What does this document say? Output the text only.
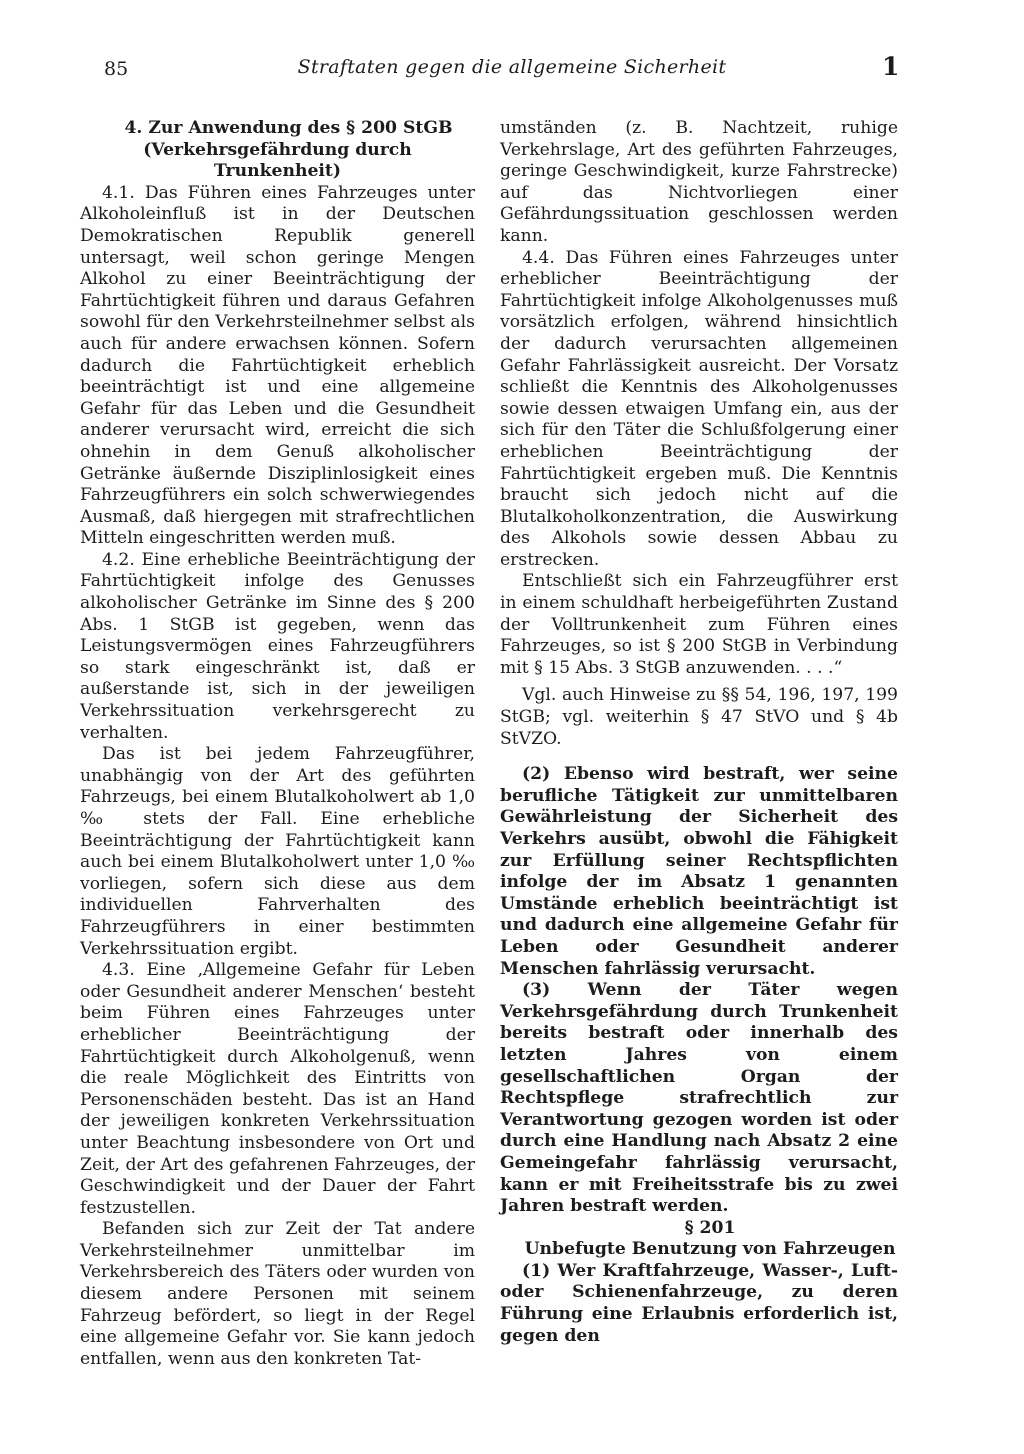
85	Straftaten gegen die allgemeine Sicherheit	1

4. Zur Anwendung des § 200 StGB (Verkehrsgefährdung durch Trunkenheit)

4.1. Das Führen eines Fahrzeuges unter Alkoholeinfluß ist in der Deutschen Demokratischen Republik generell untersagt, weil schon geringe Mengen Alkohol zu einer Beeinträchtigung der Fahrtüchtigkeit führen und daraus Gefahren sowohl für den Verkehrsteilnehmer selbst als auch für andere erwachsen können. Sofern dadurch die Fahrtüchtigkeit erheblich beeinträchtigt ist und eine allgemeine Gefahr für das Leben und die Gesundheit anderer verursacht wird, erreicht die sich ohnehin in dem Genuß alkoholischer Getränke äußernde Disziplinlosigkeit eines Fahrzeugführers ein solch schwerwiegendes Ausmaß, daß hiergegen mit strafrechtlichen Mitteln eingeschritten werden muß.

4.2. Eine erhebliche Beeinträchtigung der Fahrtüchtigkeit infolge des Genusses alkoholischer Getränke im Sinne des § 200 Abs. 1 StGB ist gegeben, wenn das Leistungsvermögen eines Fahrzeugführers so stark eingeschränkt ist, daß er außerstande ist, sich in der jeweiligen Verkehrssituation verkehrsgerecht zu verhalten.

Das ist bei jedem Fahrzeugführer, unabhängig von der Art des geführten Fahrzeugs, bei einem Blutalkoholwert ab 1,0 ‰ stets der Fall. Eine erhebliche Beeinträchtigung der Fahrtüchtigkeit kann auch bei einem Blutalkoholwert unter 1,0 ‰ vorliegen, sofern sich diese aus dem individuellen Fahrverhalten des Fahrzeugführers in einer bestimmten Verkehrssituation ergibt.

4.3. Eine ‚Allgemeine Gefahr für Leben oder Gesundheit anderer Menschen‘ besteht beim Führen eines Fahrzeuges unter erheblicher Beeinträchtigung der Fahrtüchtigkeit durch Alkoholgenuß, wenn die reale Möglichkeit des Eintritts von Personenschäden besteht. Das ist an Hand der jeweiligen konkreten Verkehrssituation unter Beachtung insbesondere von Ort und Zeit, der Art des gefahrenen Fahrzeuges, der Geschwindigkeit und der Dauer der Fahrt festzustellen.

Befanden sich zur Zeit der Tat andere Verkehrsteilnehmer unmittelbar im Verkehrsbereich des Täters oder wurden von diesem andere Personen mit seinem Fahrzeug befördert, so liegt in der Regel eine allgemeine Gefahr vor. Sie kann jedoch entfallen, wenn aus den konkreten Tat-

umständen (z. B. Nachtzeit, ruhige Verkehrslage, Art des geführten Fahrzeuges, geringe Geschwindigkeit, kurze Fahrstrecke) auf das Nichtvorliegen einer Gefährdungssituation geschlossen werden kann.

4.4. Das Führen eines Fahrzeuges unter erheblicher Beeinträchtigung der Fahrtüchtigkeit infolge Alkoholgenusses muß vorsätzlich erfolgen, während hinsichtlich der dadurch verursachten allgemeinen Gefahr Fahrlässigkeit ausreicht. Der Vorsatz schließt die Kenntnis des Alkoholgenusses sowie dessen etwaigen Umfang ein, aus der sich für den Täter die Schlußfolgerung einer erheblichen Beeinträchtigung der Fahrtüchtigkeit ergeben muß. Die Kenntnis braucht sich jedoch nicht auf die Blutalkoholkonzentration, die Auswirkung des Alkohols sowie dessen Abbau zu erstrecken.

Entschließt sich ein Fahrzeugführer erst in einem schuldhaft herbeigeführten Zustand der Volltrunkenheit zum Führen eines Fahrzeuges, so ist § 200 StGB in Verbindung mit § 15 Abs. 3 StGB anzuwenden. . . .“

Vgl. auch Hinweise zu §§ 54, 196, 197, 199 StGB; vgl. weiterhin § 47 StVO und § 4b StVZO.

(2) Ebenso wird bestraft, wer seine berufliche Tätigkeit zur unmittelbaren Gewährleistung der Sicherheit des Verkehrs ausübt, obwohl die Fähigkeit zur Erfüllung seiner Rechtspflichten infolge der im Absatz 1 genannten Umstände erheblich beeinträchtigt ist und dadurch eine allgemeine Gefahr für Leben oder Gesundheit anderer Menschen fahrlässig verursacht.

(3) Wenn der Täter wegen Verkehrsgefährdung durch Trunkenheit bereits bestraft oder innerhalb des letzten Jahres von einem gesellschaftlichen Organ der Rechtspflege strafrechtlich zur Verantwortung gezogen worden ist oder durch eine Handlung nach Absatz 2 eine Gemeingefahr fahrlässig verursacht, kann er mit Freiheitsstrafe bis zu zwei Jahren bestraft werden.

§ 201

Unbefugte Benutzung von Fahrzeugen

(1) Wer Kraftfahrzeuge, Wasser-, Luft- oder Schienenfahrzeuge, zu deren Führung eine Erlaubnis erforderlich ist, gegen den
